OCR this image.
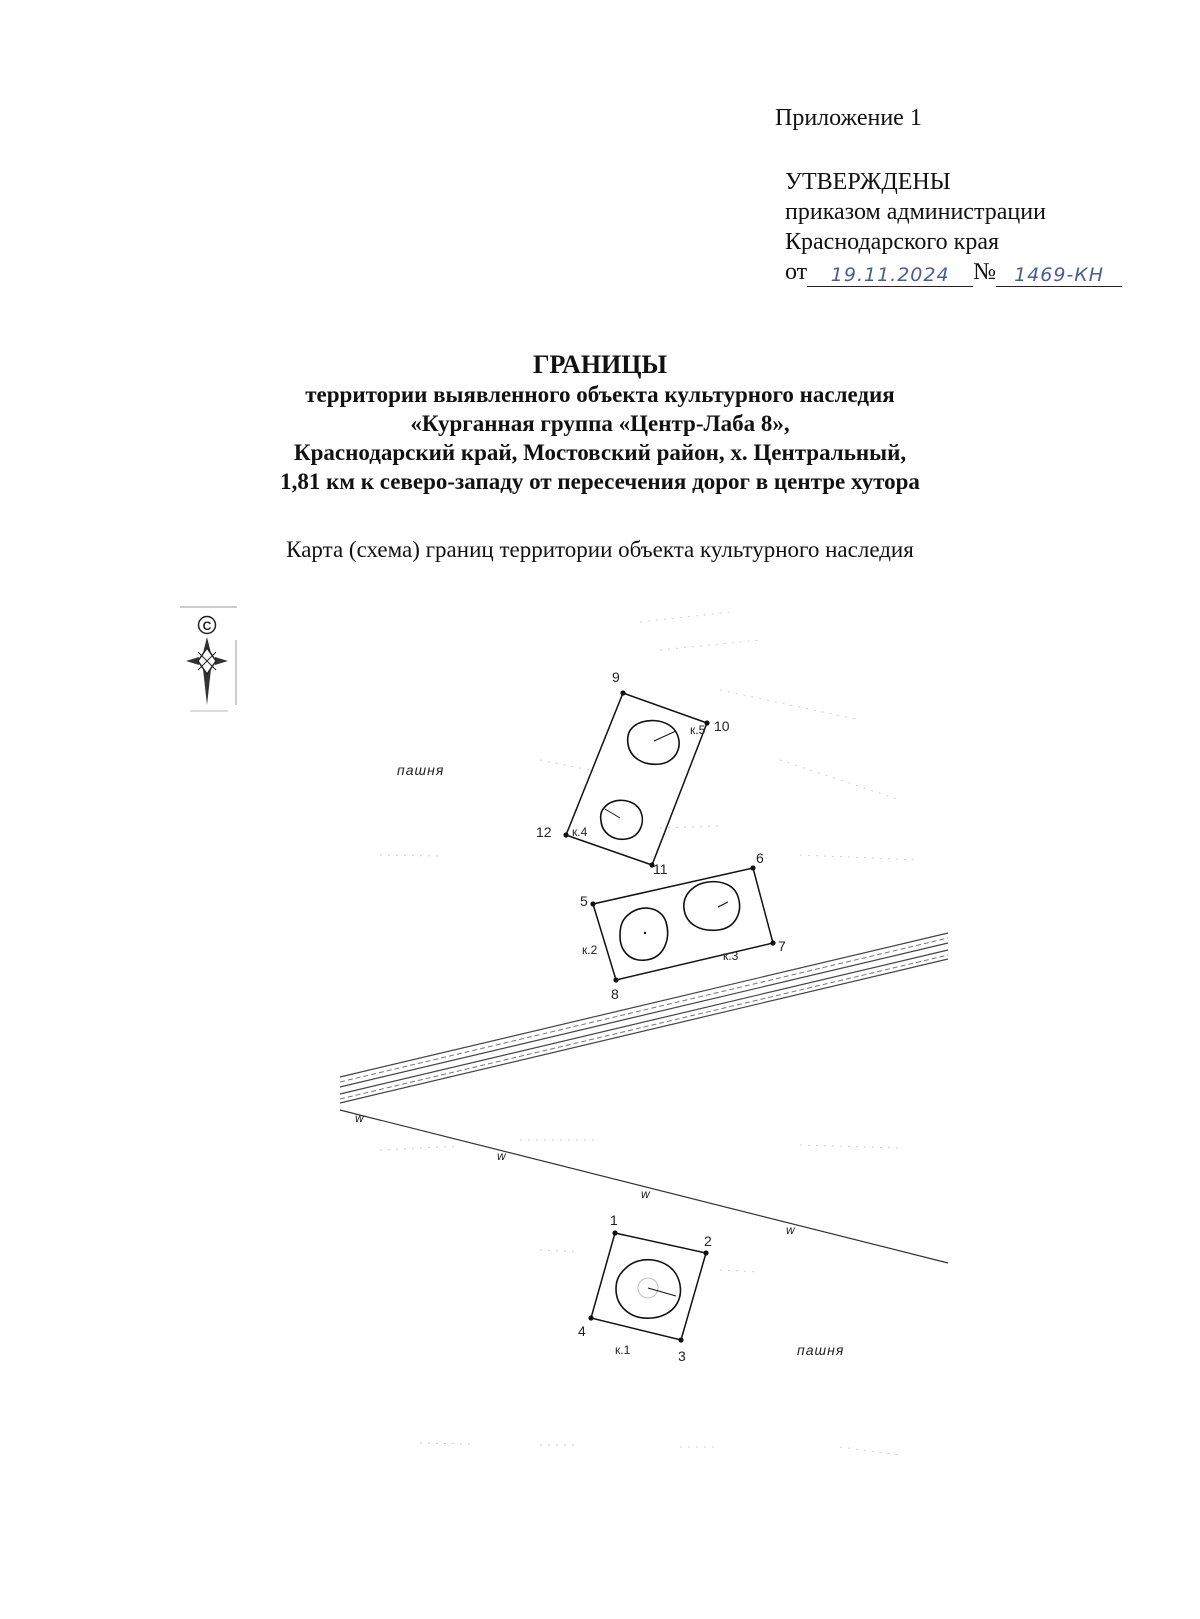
Приложение 1
УТВЕРЖДЕНЫ
приказом администрации
Краснодарского края
от	19.11.2024 № 1469-КН
ГРАНИЦЫ
территории выявленного объекта культурного наследия
«Курганная группа «Центр-Лаба 8»,
Краснодарский край, Мостовский район, х. Центральный,
1,81 км к северо-западу от пересечения дорог в центре хутора
Карта (схема) границ территории объекта культурного наследия
С
w
w
w
w
пашня
пашня
9
10
11
12
к.5
к.4
5
6
7
8
к.2	к.3
1
2
3
4
к.1
